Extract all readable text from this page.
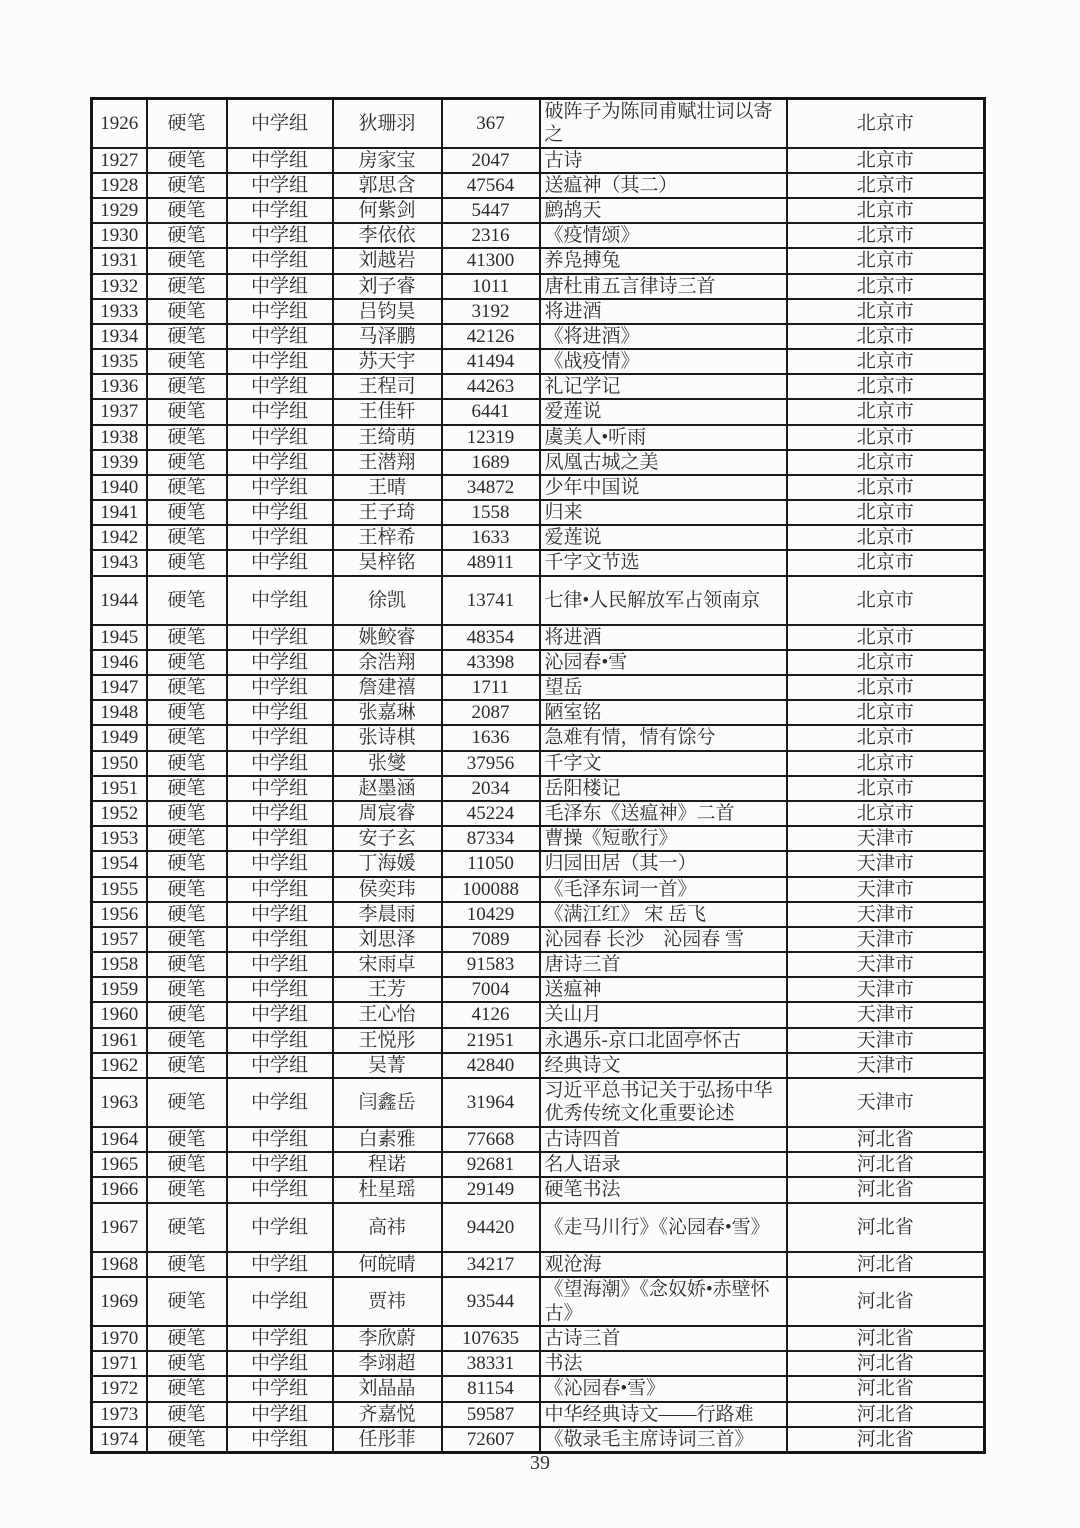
1926	硬笔	中学组	狄珊羽	367	破阵子为陈同甫赋壮词以寄之	北京市
1927	硬笔	中学组	房家宝	2047	古诗	北京市
1928	硬笔	中学组	郭思含	47564	送瘟神（其二）	北京市
1929	硬笔	中学组	何紫剑	5447	鹧鸪天	北京市
1930	硬笔	中学组	李依依	2316	《疫情颂》	北京市
1931	硬笔	中学组	刘越岩	41300	养凫搏兔	北京市
1932	硬笔	中学组	刘子睿	1011	唐杜甫五言律诗三首	北京市
1933	硬笔	中学组	吕钧昊	3192	将进酒	北京市
1934	硬笔	中学组	马泽鹏	42126	《将进酒》	北京市
1935	硬笔	中学组	苏天宇	41494	《战疫情》	北京市
1936	硬笔	中学组	王程司	44263	礼记学记	北京市
1937	硬笔	中学组	王佳轩	6441	爱莲说	北京市
1938	硬笔	中学组	王绮萌	12319	虞美人•听雨	北京市
1939	硬笔	中学组	王潜翔	1689	凤凰古城之美	北京市
1940	硬笔	中学组	王晴	34872	少年中国说	北京市
1941	硬笔	中学组	王子琦	1558	归来	北京市
1942	硬笔	中学组	王梓希	1633	爱莲说	北京市
1943	硬笔	中学组	吴梓铭	48911	千字文节选	北京市
1944	硬笔	中学组	徐凯	13741	七律•人民解放军占领南京	北京市
1945	硬笔	中学组	姚鲛睿	48354	将进酒	北京市
1946	硬笔	中学组	余浩翔	43398	沁园春•雪	北京市
1947	硬笔	中学组	詹建禧	1711	望岳	北京市
1948	硬笔	中学组	张嘉琳	2087	陋室铭	北京市
1949	硬笔	中学组	张诗棋	1636	急难有情，情有馀兮	北京市
1950	硬笔	中学组	张燮	37956	千字文	北京市
1951	硬笔	中学组	赵墨涵	2034	岳阳楼记	北京市
1952	硬笔	中学组	周宸睿	45224	毛泽东《送瘟神》二首	北京市
1953	硬笔	中学组	安子玄	87334	曹操《短歌行》	天津市
1954	硬笔	中学组	丁海媛	11050	归园田居（其一）	天津市
1955	硬笔	中学组	侯奕玮	100088	《毛泽东词一首》	天津市
1956	硬笔	中学组	李晨雨	10429	《满江红》 宋 岳飞	天津市
1957	硬笔	中学组	刘思泽	7089	沁园春 长沙　沁园春 雪	天津市
1958	硬笔	中学组	宋雨卓	91583	唐诗三首	天津市
1959	硬笔	中学组	王芳	7004	送瘟神	天津市
1960	硬笔	中学组	王心怡	4126	关山月	天津市
1961	硬笔	中学组	王悦彤	21951	永遇乐-京口北固亭怀古	天津市
1962	硬笔	中学组	吴菁	42840	经典诗文	天津市
1963	硬笔	中学组	闫鑫岳	31964	习近平总书记关于弘扬中华优秀传统文化重要论述	天津市
1964	硬笔	中学组	白素雅	77668	古诗四首	河北省
1965	硬笔	中学组	程诺	92681	名人语录	河北省
1966	硬笔	中学组	杜星瑶	29149	硬笔书法	河北省
1967	硬笔	中学组	高祎	94420	《走马川行》《沁园春•雪》	河北省
1968	硬笔	中学组	何皖晴	34217	观沧海	河北省
1969	硬笔	中学组	贾祎	93544	《望海潮》《念奴娇•赤壁怀古》	河北省
1970	硬笔	中学组	李欣蔚	107635	古诗三首	河北省
1971	硬笔	中学组	李翊超	38331	书法	河北省
1972	硬笔	中学组	刘晶晶	81154	《沁园春•雪》	河北省
1973	硬笔	中学组	齐嘉悦	59587	中华经典诗文——行路难	河北省
1974	硬笔	中学组	任彤菲	72607	《敬录毛主席诗词三首》	河北省
39
